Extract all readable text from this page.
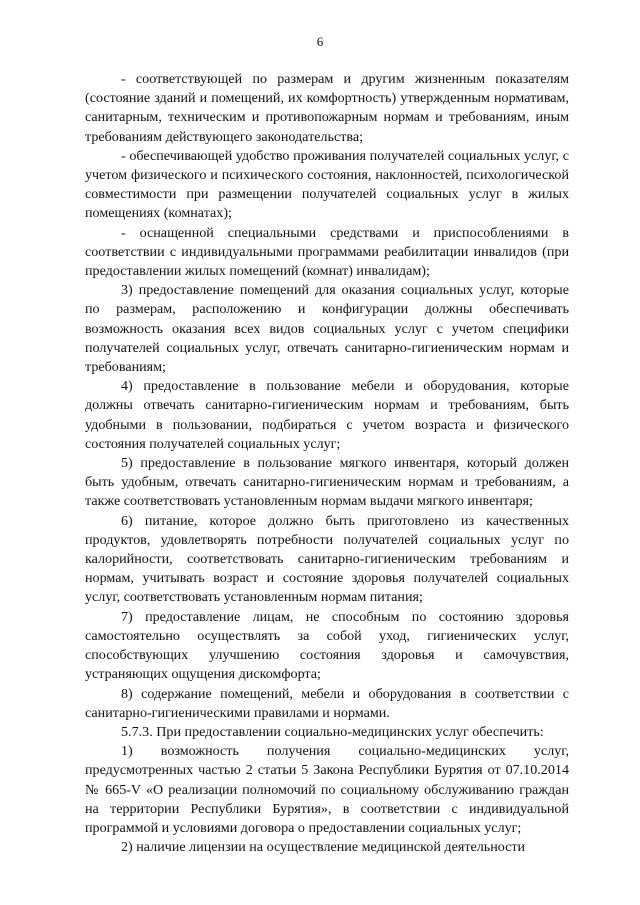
6

- соответствующей по размерам и другим жизненным показателям (состояние зданий и помещений, их комфортность) утвержденным нормативам, санитарным, техническим и противопожарным нормам и требованиям, иным требованиям действующего законодательства;

- обеспечивающей удобство проживания получателей социальных услуг, с учетом физического и психического состояния, наклонностей, психологической совместимости при размещении получателей социальных услуг в жилых помещениях (комнатах);

- оснащенной специальными средствами и приспособлениями в соответствии с индивидуальными программами реабилитации инвалидов (при предоставлении жилых помещений (комнат) инвалидам);

3) предоставление помещений для оказания социальных услуг, которые по размерам, расположению и конфигурации должны обеспечивать возможность оказания всех видов социальных услуг с учетом специфики получателей социальных услуг, отвечать санитарно-гигиеническим нормам и требованиям;

4) предоставление в пользование мебели и оборудования, которые должны отвечать санитарно-гигиеническим нормам и требованиям, быть удобными в пользовании, подбираться с учетом возраста и физического состояния получателей социальных услуг;

5) предоставление в пользование мягкого инвентаря, который должен быть удобным, отвечать санитарно-гигиеническим нормам и требованиям, а также соответствовать установленным нормам выдачи мягкого инвентаря;

6) питание, которое должно быть приготовлено из качественных продуктов, удовлетворять потребности получателей социальных услуг по калорийности, соответствовать санитарно-гигиеническим требованиям и нормам, учитывать возраст и состояние здоровья получателей социальных услуг, соответствовать установленным нормам питания;

7) предоставление лицам, не способным по состоянию здоровья самостоятельно осуществлять за собой уход, гигиенических услуг, способствующих улучшению состояния здоровья и самочувствия, устраняющих ощущения дискомфорта;

8) содержание помещений, мебели и оборудования в соответствии с санитарно-гигиеническими правилами и нормами.

5.7.3. При предоставлении социально-медицинских услуг обеспечить:

1) возможность получения социально-медицинских услуг, предусмотренных частью 2 статьи 5 Закона Республики Бурятия от 07.10.2014 № 665-V «О реализации полномочий по социальному обслуживанию граждан на территории Республики Бурятия», в соответствии с индивидуальной программой и условиями договора о предоставлении социальных услуг;

2) наличие лицензии на осуществление медицинской деятельности
